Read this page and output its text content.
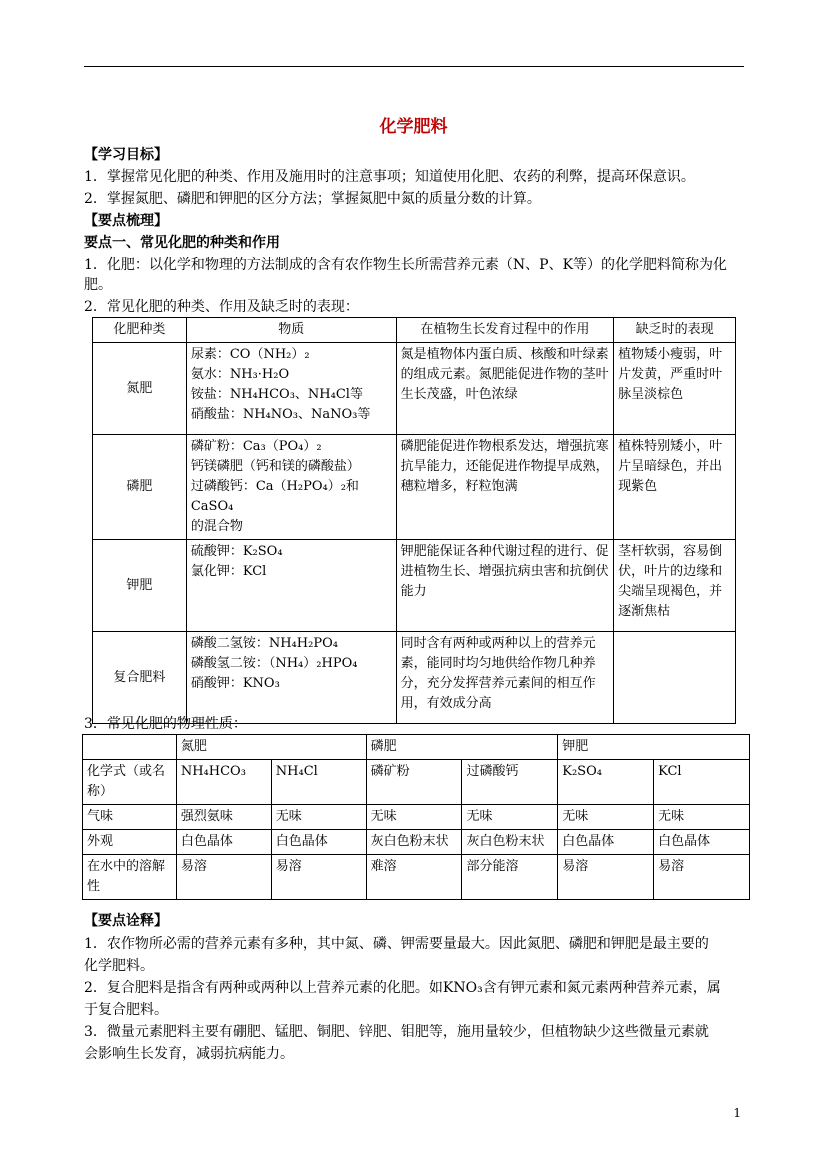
化学肥料
【学习目标】
1．掌握常见化肥的种类、作用及施用时的注意事项；知道使用化肥、农药的利弊，提高环保意识。
2．掌握氮肥、磷肥和钾肥的区分方法；掌握氮肥中氮的质量分数的计算。
【要点梳理】
要点一、常见化肥的种类和作用
1．化肥：以化学和物理的方法制成的含有农作物生长所需营养元素（N、P、K等）的化学肥料简称为化
肥。
2．常见化肥的种类、作用及缺乏时的表现：
化肥种类	物质	在植物生长发育过程中的作用	缺乏时的表现
氮肥	尿素：CO（NH₂）₂
氨水：NH₃·H₂O
铵盐：NH₄HCO₃、NH₄Cl等
硝酸盐：NH₄NO₃、NaNO₃等	氮是植物体内蛋白质、核酸和叶绿素的组成元素。氮肥能促进作物的茎叶生长茂盛，叶色浓绿	植物矮小瘦弱，叶片发黄，严重时叶脉呈淡棕色
磷肥	磷矿粉：Ca₃（PO₄）₂
钙镁磷肥（钙和镁的磷酸盐）
过磷酸钙：Ca（H₂PO₄）₂和CaSO₄
的混合物	磷肥能促进作物根系发达，增强抗寒抗旱能力，还能促进作物提早成熟，穗粒增多，籽粒饱满	植株特别矮小，叶片呈暗绿色，并出现紫色
钾肥	硫酸钾：K₂SO₄
氯化钾：KCl	钾肥能保证各种代谢过程的进行、促进植物生长、增强抗病虫害和抗倒伏能力	茎杆软弱，容易倒伏，叶片的边缘和尖端呈现褐色，并逐渐焦枯
复合肥料	磷酸二氢铵：NH₄H₂PO₄
磷酸氢二铵：（NH₄）₂HPO₄
硝酸钾：KNO₃	同时含有两种或两种以上的营养元素，能同时均匀地供给作物几种养分，充分发挥营养元素间的相互作用，有效成分高	
3．常见化肥的物理性质：
	氮肥		磷肥		钾肥	
化学式（或名称）	NH₄HCO₃	NH₄Cl	磷矿粉	过磷酸钙	K₂SO₄	KCl
气味	强烈氨味	无味	无味	无味	无味	无味
外观	白色晶体	白色晶体	灰白色粉末状	灰白色粉末状	白色晶体	白色晶体
在水中的溶解性	易溶	易溶	难溶	部分能溶	易溶	易溶
【要点诠释】
1．农作物所必需的营养元素有多种，其中氮、磷、钾需要量最大。因此氮肥、磷肥和钾肥是最主要的
化学肥料。
2．复合肥料是指含有两种或两种以上营养元素的化肥。如KNO₃含有钾元素和氮元素两种营养元素，属
于复合肥料。
3．微量元素肥料主要有硼肥、锰肥、铜肥、锌肥、钼肥等，施用量较少，但植物缺少这些微量元素就
会影响生长发育，减弱抗病能力。
1
